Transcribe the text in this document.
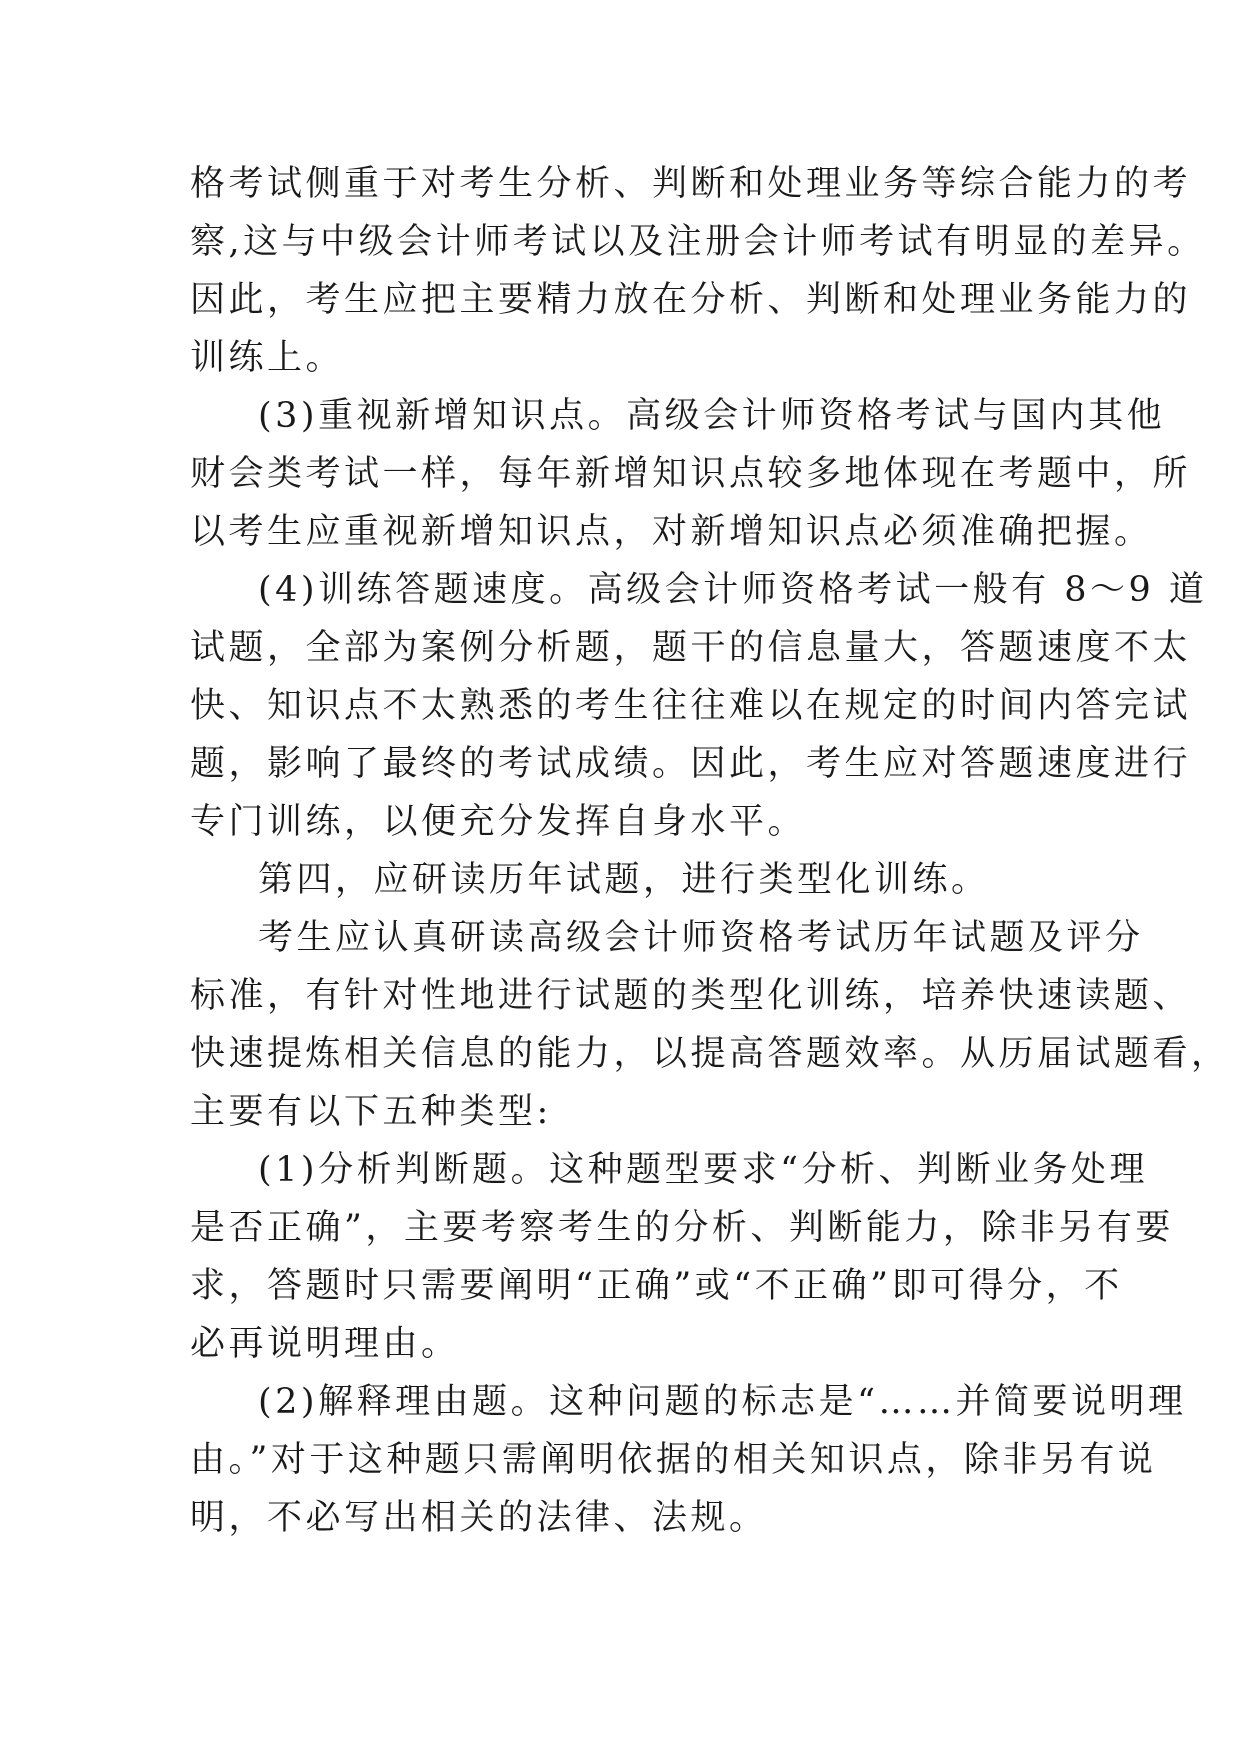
格考试侧重于对考生分析、判断和处理业务等综合能力的考
察,这与中级会计师考试以及注册会计师考试有明显的差异。
因此，考生应把主要精力放在分析、判断和处理业务能力的
训练上。
(3)重视新增知识点。高级会计师资格考试与国内其他
财会类考试一样，每年新增知识点较多地体现在考题中，所
以考生应重视新增知识点，对新增知识点必须准确把握。
(4)训练答题速度。高级会计师资格考试一般有 8～9 道
试题，全部为案例分析题，题干的信息量大，答题速度不太
快、知识点不太熟悉的考生往往难以在规定的时间内答完试
题，影响了最终的考试成绩。因此，考生应对答题速度进行
专门训练，以便充分发挥自身水平。
第四，应研读历年试题，进行类型化训练。
考生应认真研读高级会计师资格考试历年试题及评分
标准，有针对性地进行试题的类型化训练，培养快速读题、
快速提炼相关信息的能力，以提高答题效率。从历届试题看，
主要有以下五种类型:
(1)分析判断题。这种题型要求“分析、判断业务处理
是否正确”，主要考察考生的分析、判断能力，除非另有要
求，答题时只需要阐明“正确”或“不正确”即可得分，不
必再说明理由。
(2)解释理由题。这种问题的标志是“……并简要说明理
由。”对于这种题只需阐明依据的相关知识点，除非另有说
明，不必写出相关的法律、法规。
